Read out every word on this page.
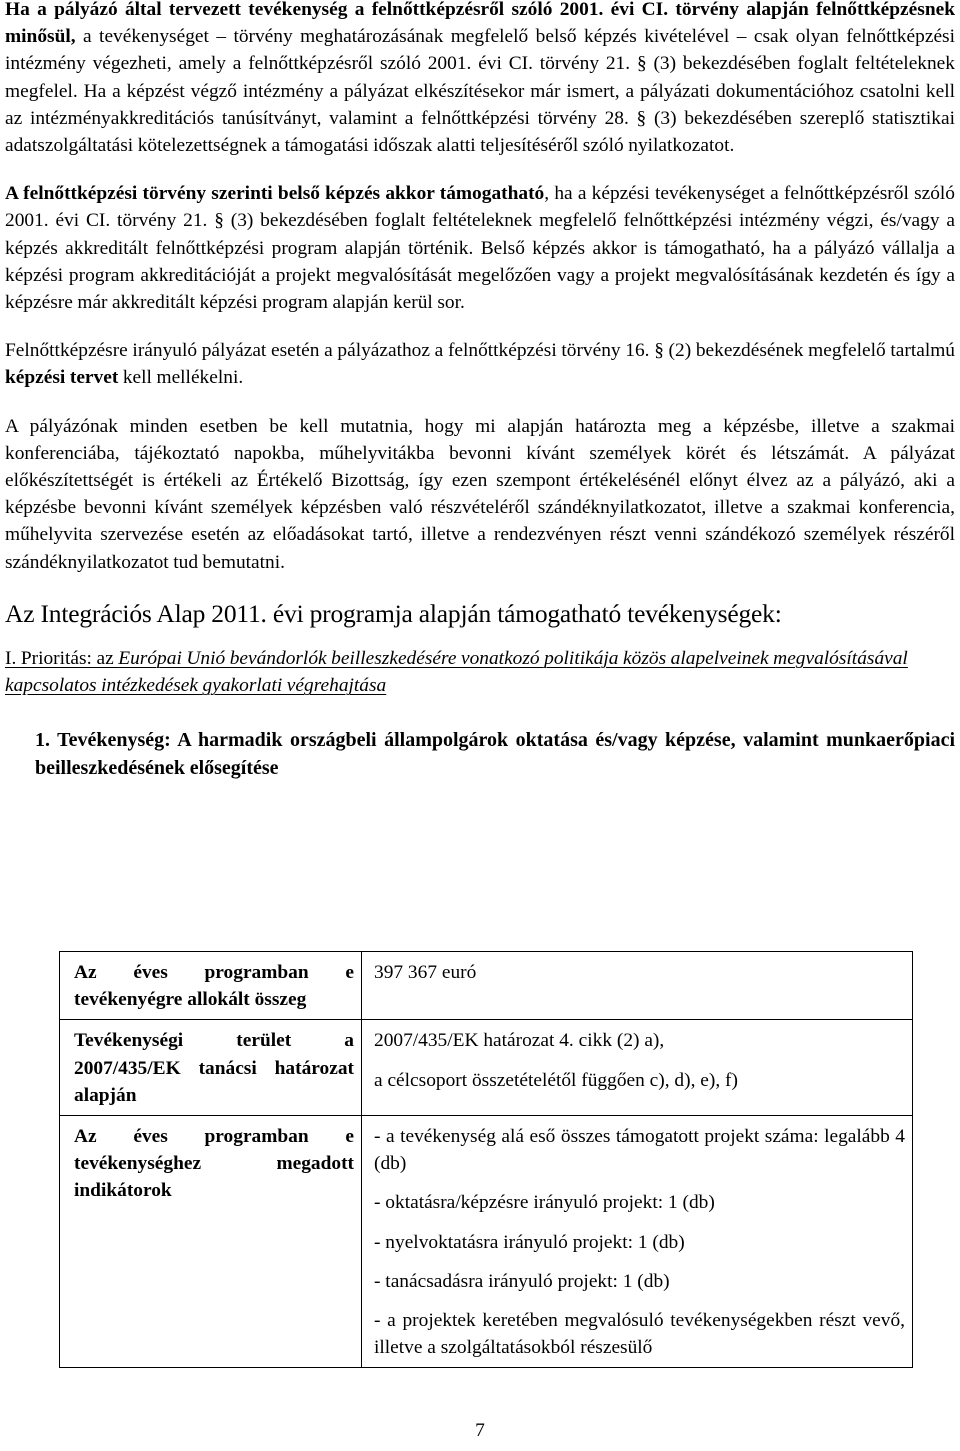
Ha a pályázó által tervezett tevékenység a felnőttképzésről szóló 2001. évi CI. törvény alapján felnőttképzésnek minősül, a tevékenységet – törvény meghatározásának megfelelő belső képzés kivételével – csak olyan felnőttképzési intézmény végezheti, amely a felnőttképzésről szóló 2001. évi CI. törvény 21. § (3) bekezdésében foglalt feltételeknek megfelel. Ha a képzést végző intézmény a pályázat elkészítésekor már ismert, a pályázati dokumentációhoz csatolni kell az intézményakkreditációs tanúsítványt, valamint a felnőttképzési törvény 28. § (3) bekezdésében szereplő statisztikai adatszolgáltatási kötelezettségnek a támogatási időszak alatti teljesítéséről szóló nyilatkozatot.

A felnőttképzési törvény szerinti belső képzés akkor támogatható, ha a képzési tevékenységet a felnőttképzésről szóló 2001. évi CI. törvény 21. § (3) bekezdésében foglalt feltételeknek megfelelő felnőttképzési intézmény végzi, és/vagy a képzés akkreditált felnőttképzési program alapján történik. Belső képzés akkor is támogatható, ha a pályázó vállalja a képzési program akkreditációját a projekt megvalósítását megelőzően vagy a projekt megvalósításának kezdetén és így a képzésre már akkreditált képzési program alapján kerül sor.

Felnőttképzésre irányuló pályázat esetén a pályázathoz a felnőttképzési törvény 16. § (2) bekezdésének megfelelő tartalmú képzési tervet kell mellékelni.

A pályázónak minden esetben be kell mutatnia, hogy mi alapján határozta meg a képzésbe, illetve a szakmai konferenciába, tájékoztató napokba, műhelyvitákba bevonni kívánt személyek körét és létszámát. A pályázat előkészítettségét is értékeli az Értékelő Bizottság, így ezen szempont értékelésénél előnyt élvez az a pályázó, aki a képzésbe bevonni kívánt személyek képzésben való részvételéről szándéknyilatkozatot, illetve a szakmai konferencia, műhelyvita szervezése esetén az előadásokat tartó, illetve a rendezvényen részt venni szándékozó személyek részéről szándéknyilatkozatot tud bemutatni.

Az Integrációs Alap 2011. évi programja alapján támogatható tevékenységek:

I. Prioritás: az Európai Unió bevándorlók beilleszkedésére vonatkozó politikája közös alapelveinek megvalósításával kapcsolatos intézkedések gyakorlati végrehajtása

1. Tevékenység: A harmadik országbeli állampolgárok oktatása és/vagy képzése, valamint munkaerőpiaci beilleszkedésének elősegítése

Az éves programban e tevékenyégre allokált összeg	397 367 euró

Tevékenységi terület a 2007/435/EK tanácsi határozat alapján	2007/435/EK határozat 4. cikk (2) a),
a célcsoport összetételétől függően c), d), e), f)

Az éves programban e tevékenységhez megadott indikátorok	- a tevékenység alá eső összes támogatott projekt száma: legalább 4 (db)
- oktatásra/képzésre irányuló projekt: 1 (db)
- nyelvoktatásra irányuló projekt: 1 (db)
- tanácsadásra irányuló projekt: 1 (db)
- a projektek keretében megvalósuló tevékenységekben részt vevő, illetve a szolgáltatásokból részesülő
7
